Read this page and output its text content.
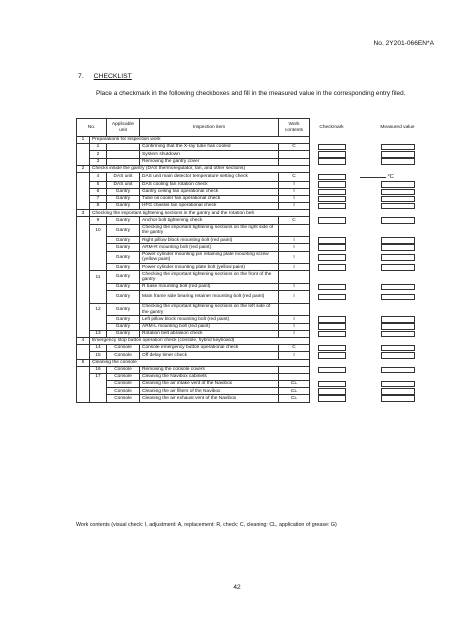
No. 2Y201-066EN*A
7. CHECKLIST
Place a checkmark in the following checkboxes and fill in the measured value in the corresponding entry filed.
No.		Applicable unit	Inspection item	Work contents	Checkmark	Measured value
1	Preparations for inspection work					
	1		Confirming that the X-ray tube has cooled	C	

	2		System shutdown		

	3		Removing the gantry cover		

2	Checks inside the gantry (DAS thermoregulator, fan, and other sections)					
	4	DAS unit	DAS unit main detector temperature setting check	C		°C
	5	DAS unit	DAS cooling fan rotation check	I	

	6	Gantry	Gantry ceiling fan operational check	I	

	7	Gantry	Tube oil cooler fan operational check	I	

	8	Gantry	HFG chassis fan operational check	I	

3	Checking the important tightening sections in the gantry and the rotation belt					
	9	Gantry	Anchor bolt tightening check	C	

	10	Gantry	Checking the important tightening sections on the right side of the gantry			
		Gantry	Right pillow block mounting bolt (red paint)	I	

		Gantry	ARM-R mounting bolt (red paint)	I	

		Gantry	Power cylinder mounting pin retaining plate mounting screw (yellow paint)	I	

		Gantry	Power cylinder mounting plate bolt (yellow paint)	I	

	11	Gantry	Checking the important tightening sections on the front of the gantry			
		Gantry	R base mounting bolt (red paint)	I	

		Gantry	Main frame side bearing retainer mounting bolt (red paint)	I	

	12	Gantry	Checking the important tightening sections on the left side of the gantry			
		Gantry	Left pillow block mounting bolt (red paint)	I	

		Gantry	ARM-L mounting bolt (red paint)	I	

	13	Gantry	Rotation belt abrasion check	I	

4	Emergency stop button operation check (console, hybrid keyboard)					
	14	Console	Console emergency button operational check	C	

	15	Console	Off delay timer check	I	

5	Cleaning the console					
	16	Console	Removing the console covers		

	17	Console	Cleaning the Navibox cabinets			
		Console	Cleaning the air intake vent of the Navibox	CL	

		Console	Cleaning the air filters of the Navibox	CL	

		Console	Cleaning the air exhaust vent of the Navibox	CL	

Work contents (visual check: I, adjustment: A, replacement: R, check: C, cleaning: CL, application of grease: G)
42
